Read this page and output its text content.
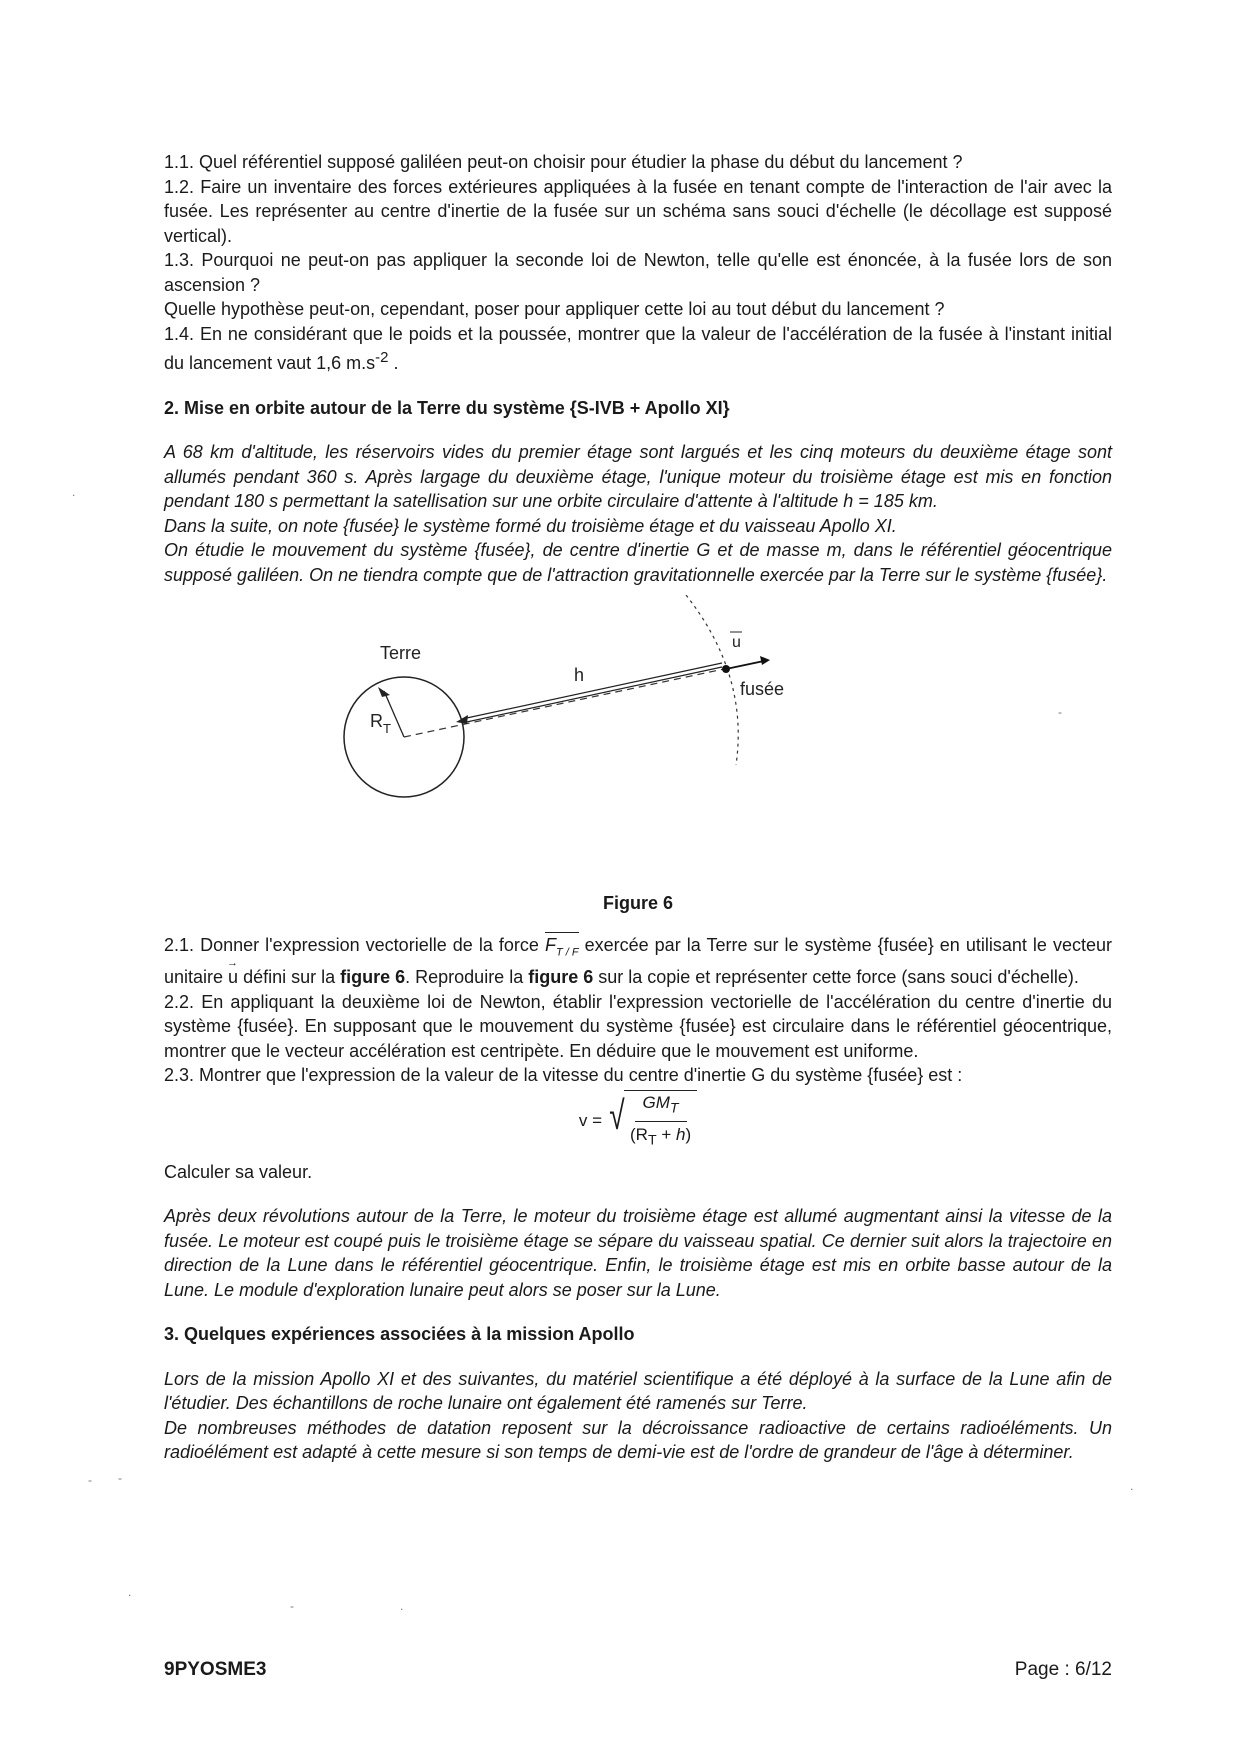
1.1. Quel référentiel supposé galiléen peut-on choisir pour étudier la phase du début du lancement ?

1.2. Faire un inventaire des forces extérieures appliquées à la fusée en tenant compte de l'interaction de l'air avec la fusée. Les représenter au centre d'inertie de la fusée sur un schéma sans souci d'échelle (le décollage est supposé vertical).

1.3. Pourquoi ne peut-on pas appliquer la seconde loi de Newton, telle qu'elle est énoncée, à la fusée lors de son ascension ?

Quelle hypothèse peut-on, cependant, poser pour appliquer cette loi au tout début du lancement ?

1.4. En ne considérant que le poids et la poussée, montrer que la valeur de l'accélération de la fusée à l'instant initial du lancement vaut 1,6 $m.s^{-2}$ .

2. Mise en orbite autour de la Terre du système {S-IVB + Apollo XI}

A 68 km d'altitude, les réservoirs vides du premier étage sont largués et les cinq moteurs du deuxième étage sont allumés pendant 360 s. Après largage du deuxième étage, l'unique moteur du troisième étage est mis en fonction pendant 180 s permettant la satellisation sur une orbite circulaire d'attente à l'altitude h = 185 km.

Dans la suite, on note {fusée} le système formé du troisième étage et du vaisseau Apollo XI.

On étudie le mouvement du système {fusée}, de centre d'inertie G et de masse m, dans le référentiel géocentrique supposé galiléen. On ne tiendra compte que de l'attraction gravitationnelle exercée par la Terre sur le système {fusée}.

Terre
h
u
fusée
R T

Figure 6

2.1. Donner l'expression vectorielle de la force $F_{T / F}$ exercée par la Terre sur le système {fusée} en utilisant le vecteur unitaire → u défini sur la figure 6. Reproduire la figure 6 sur la copie et représenter cette force (sans souci d'échelle).

2.2. En appliquant la deuxième loi de Newton, établir l'expression vectorielle de l'accélération du centre d'inertie du système {fusée}. En supposant que le mouvement du système {fusée} est circulaire dans le référentiel géocentrique, montrer que le vecteur accélération est centripète. En déduire que le mouvement est uniforme.

2.3. Montrer que l'expression de la valeur de la vitesse du centre d'inertie G du système {fusée} est :

v = √ $\frac{GM_T}{(R_T + h)}$

Calculer sa valeur.

Après deux révolutions autour de la Terre, le moteur du troisième étage est allumé augmentant ainsi la vitesse de la fusée. Le moteur est coupé puis le troisième étage se sépare du vaisseau spatial. Ce dernier suit alors la trajectoire en direction de la Lune dans le référentiel géocentrique. Enfin, le troisième étage est mis en orbite basse autour de la Lune. Le module d'exploration lunaire peut alors se poser sur la Lune.

3. Quelques expériences associées à la mission Apollo

Lors de la mission Apollo XI et des suivantes, du matériel scientifique a été déployé à la surface de la Lune afin de l'étudier. Des échantillons de roche lunaire ont également été ramenés sur Terre.

De nombreuses méthodes de datation reposent sur la décroissance radioactive de certains radioéléments. Un radioélément est adapté à cette mesure si son temps de demi-vie est de l'ordre de grandeur de l'âge à déterminer.

.
- -
.
-	.
-
.
9PYOSME3	Page : 6/12
